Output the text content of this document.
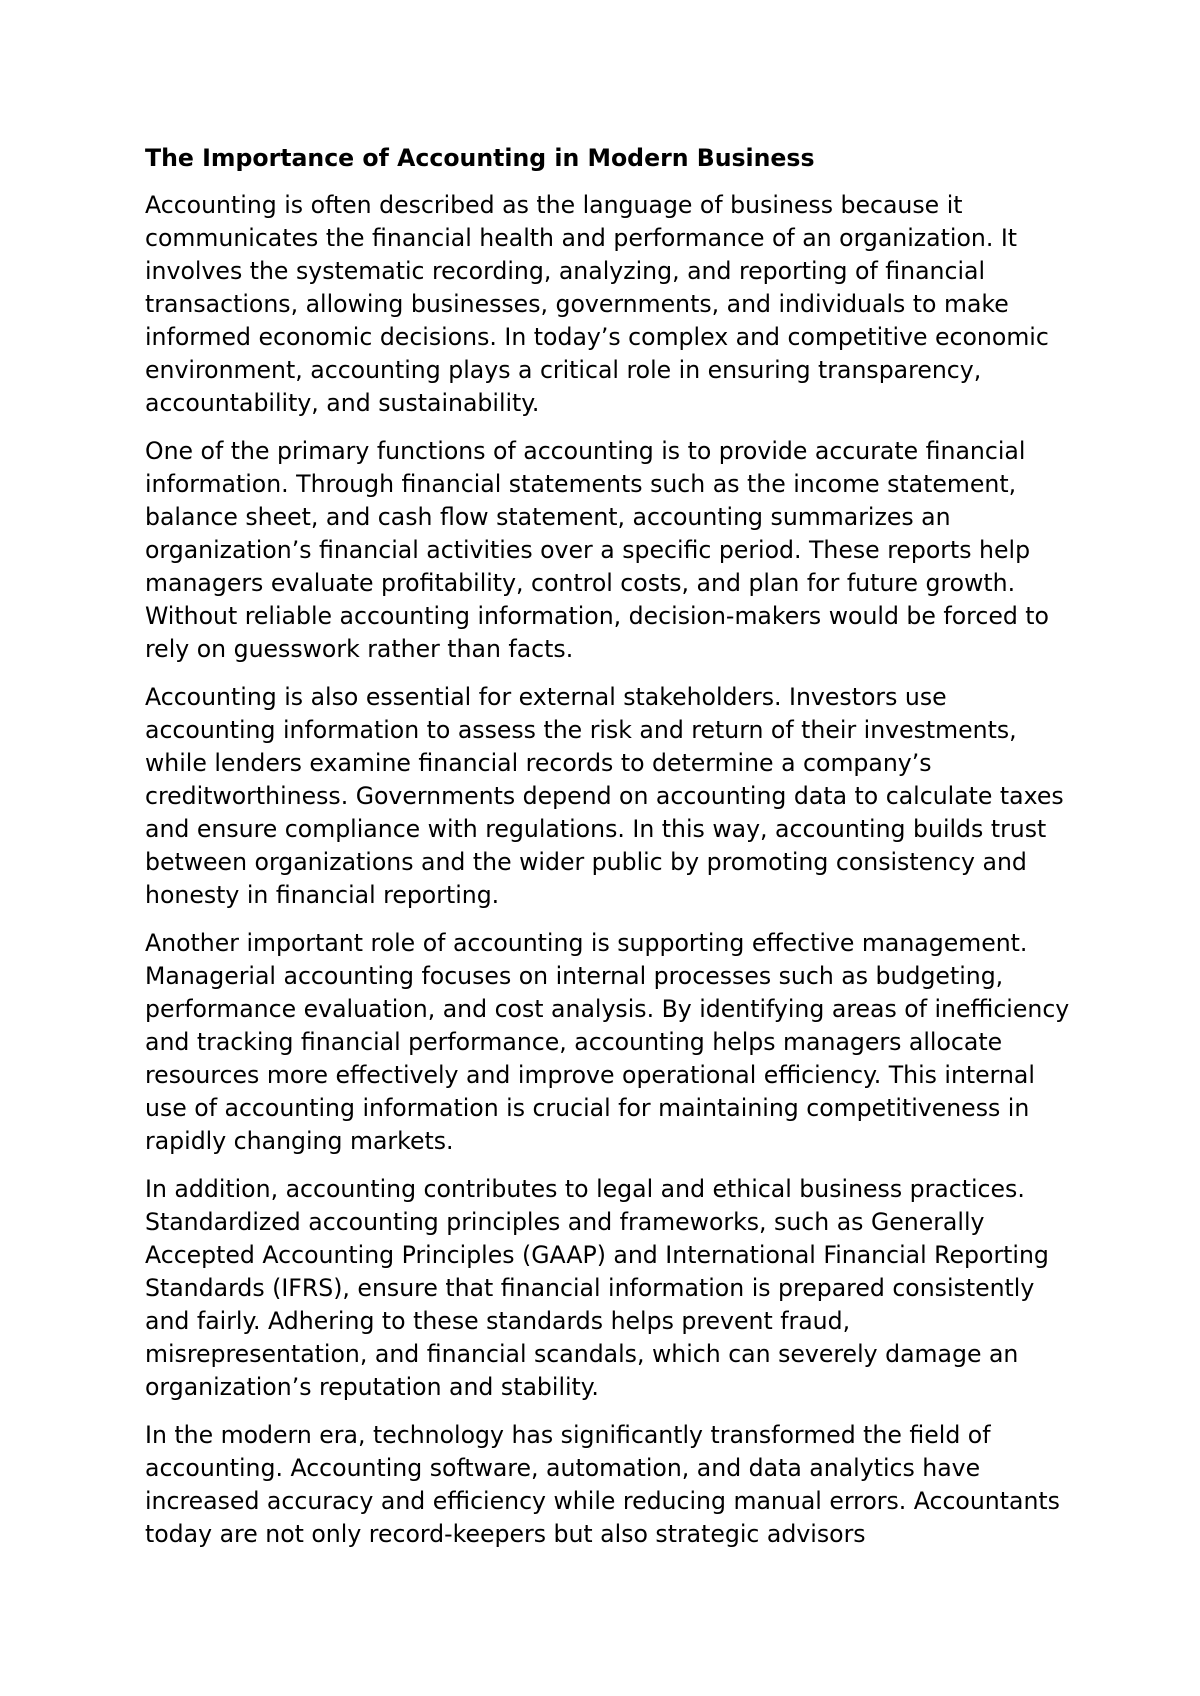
The Importance of Accounting in Modern Business

Accounting is often described as the language of business because it communicates the financial health and performance of an organization. It involves the systematic recording, analyzing, and reporting of financial transactions, allowing businesses, governments, and individuals to make informed economic decisions. In today’s complex and competitive economic environment, accounting plays a critical role in ensuring transparency, accountability, and sustainability.

One of the primary functions of accounting is to provide accurate financial information. Through financial statements such as the income statement, balance sheet, and cash flow statement, accounting summarizes an organization’s financial activities over a specific period. These reports help managers evaluate profitability, control costs, and plan for future growth. Without reliable accounting information, decision-makers would be forced to rely on guesswork rather than facts.

Accounting is also essential for external stakeholders. Investors use accounting information to assess the risk and return of their investments, while lenders examine financial records to determine a company’s creditworthiness. Governments depend on accounting data to calculate taxes and ensure compliance with regulations. In this way, accounting builds trust between organizations and the wider public by promoting consistency and honesty in financial reporting.

Another important role of accounting is supporting effective management. Managerial accounting focuses on internal processes such as budgeting, performance evaluation, and cost analysis. By identifying areas of inefficiency and tracking financial performance, accounting helps managers allocate resources more effectively and improve operational efficiency. This internal use of accounting information is crucial for maintaining competitiveness in rapidly changing markets.

In addition, accounting contributes to legal and ethical business practices. Standardized accounting principles and frameworks, such as Generally Accepted Accounting Principles (GAAP) and International Financial Reporting Standards (IFRS), ensure that financial information is prepared consistently and fairly. Adhering to these standards helps prevent fraud, misrepresentation, and financial scandals, which can severely damage an organization’s reputation and stability.

In the modern era, technology has significantly transformed the field of accounting. Accounting software, automation, and data analytics have increased accuracy and efficiency while reducing manual errors. Accountants today are not only record-keepers but also strategic advisors
